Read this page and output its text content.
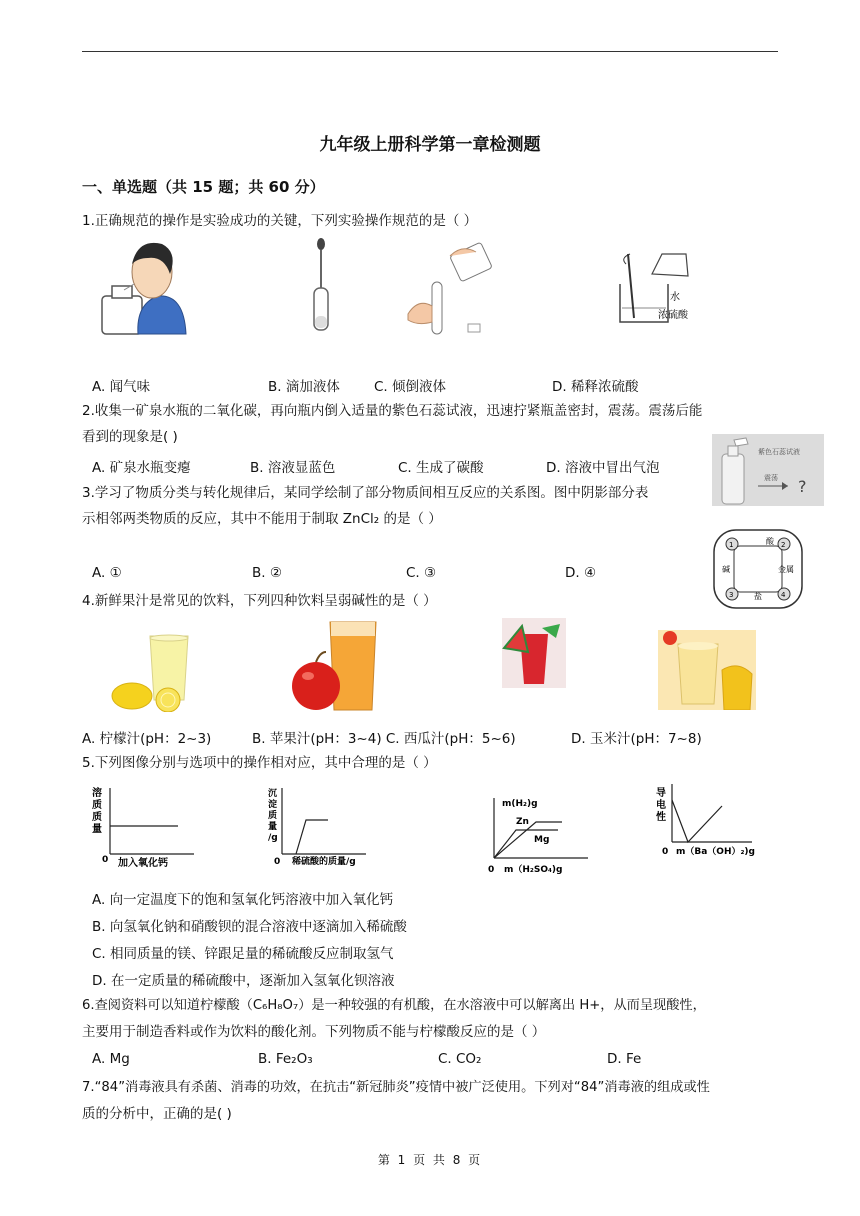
九年级上册科学第一章检测题
一、单选题（共 15 题；共 60 分）
1.正确规范的操作是实验成功的关键，下列实验操作规范的是（ ）
水
浓硫酸
A. 闻气味	B. 滴加液体	C. 倾倒液体	D. 稀释浓硫酸
2.收集一矿泉水瓶的二氧化碳，再向瓶内倒入适量的紫色石蕊试液，迅速拧紧瓶盖密封，震荡。震荡后能
看到的现象是( )
A. 矿泉水瓶变瘪	B. 溶液显蓝色	C. 生成了碳酸	D. 溶液中冒出气泡
紫色石蕊试液
震荡 ?
3.学习了物质分类与转化规律后，某同学绘制了部分物质间相互反应的关系图。图中阴影部分表
示相邻两类物质的反应，其中不能用于制取 ZnCl₂ 的是（ ）
A. ①	B. ②	C. ③	D. ④
1	2
4
3
酸
碱	金属
盐
4.新鲜果汁是常见的饮料，下列四种饮料呈弱碱性的是（ ）
A. 柠檬汁(pH：2~3)	B. 苹果汁(pH：3~4) C. 西瓜汁(pH：5~6)	D. 玉米汁(pH：7~8)
5.下列图像分别与选项中的操作相对应，其中合理的是（ ）
溶
质
质
量
0 加入氧化钙
沉
淀
质
量
/g
0 稀硫酸的质量/g
m(H₂)g
Zn
Mg
0 m（H₂SO₄)g
导
电
性
0 m（Ba（OH）₂)g
A. 向一定温度下的饱和氢氧化钙溶液中加入氧化钙
B. 向氢氧化钠和硝酸钡的混合溶液中逐滴加入稀硫酸
C. 相同质量的镁、锌跟足量的稀硫酸反应制取氢气
D. 在一定质量的稀硫酸中，逐渐加入氢氧化钡溶液
6.查阅资料可以知道柠檬酸（C₆H₈O₇）是一种较强的有机酸，在水溶液中可以解离出 H+，从而呈现酸性，
主要用于制造香料或作为饮料的酸化剂。下列物质不能与柠檬酸反应的是（ ）
A. Mg	B. Fe₂O₃	C. CO₂	D. Fe
7.“84”消毒液具有杀菌、消毒的功效，在抗击“新冠肺炎”疫情中被广泛使用。下列对“84”消毒液的组成或性
质的分析中，正确的是( )
第 1 页 共 8 页
